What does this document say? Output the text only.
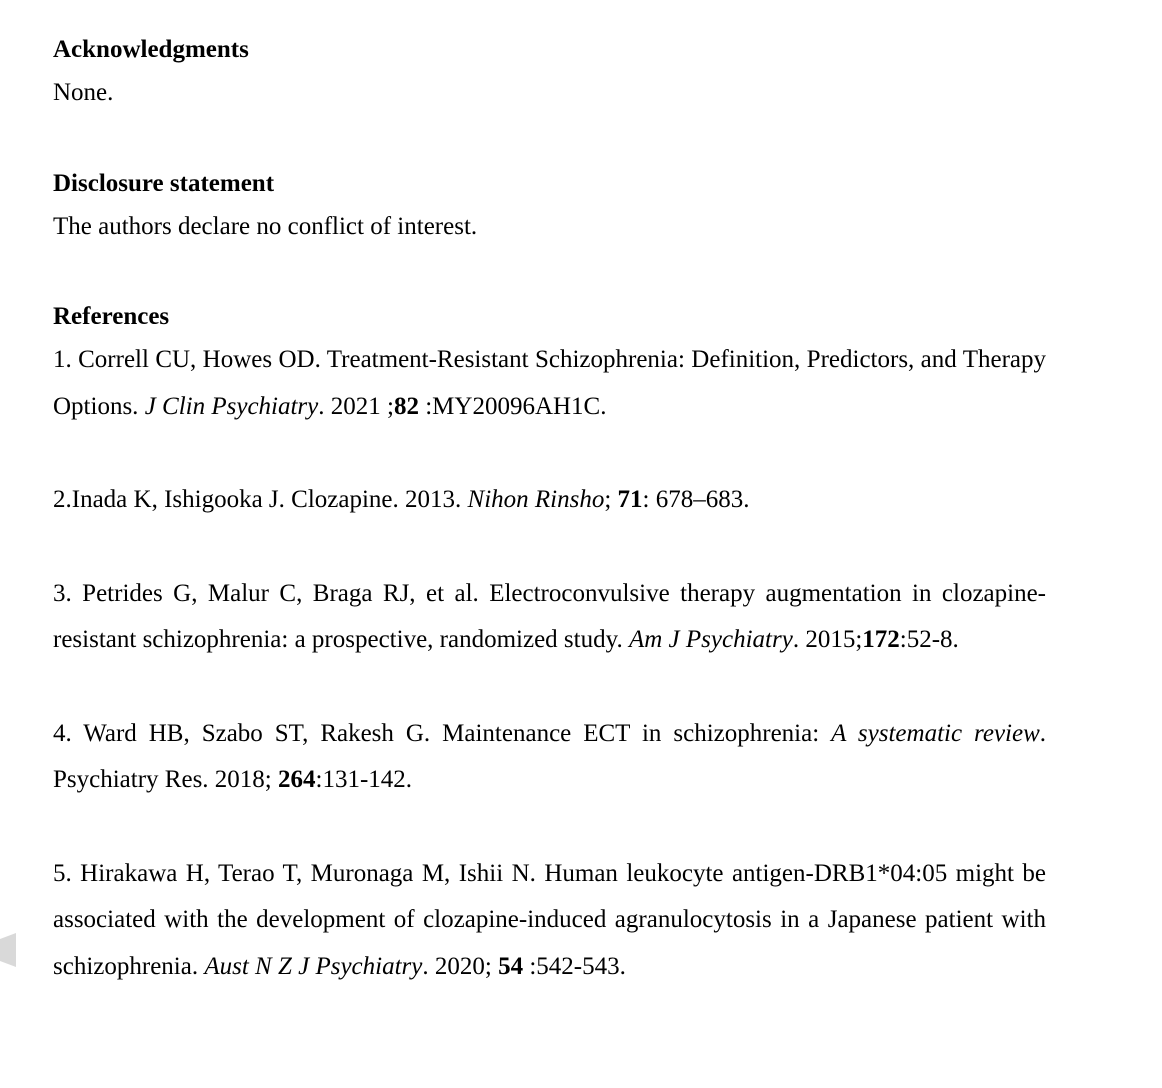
Acknowledgments

None.

Disclosure statement

The authors declare no conflict of interest.

References

1. Correll CU, Howes OD. Treatment-Resistant Schizophrenia: Definition, Predictors, and Therapy Options. J Clin Psychiatry. 2021 ;82 :MY20096AH1C.

2.Inada K, Ishigooka J. Clozapine. 2013. Nihon Rinsho; 71: 678–683.

3. Petrides G, Malur C, Braga RJ, et al. Electroconvulsive therapy augmentation in clozapine-resistant schizophrenia: a prospective, randomized study. Am J Psychiatry. 2015;172:52-8.

4. Ward HB, Szabo ST, Rakesh G. Maintenance ECT in schizophrenia: A systematic review. Psychiatry Res. 2018; 264:131-142.

5. Hirakawa H, Terao T, Muronaga M, Ishii N. Human leukocyte antigen-DRB1*04:05 might be associated with the development of clozapine-induced agranulocytosis in a Japanese patient with schizophrenia. Aust N Z J Psychiatry. 2020; 54 :542-543.
